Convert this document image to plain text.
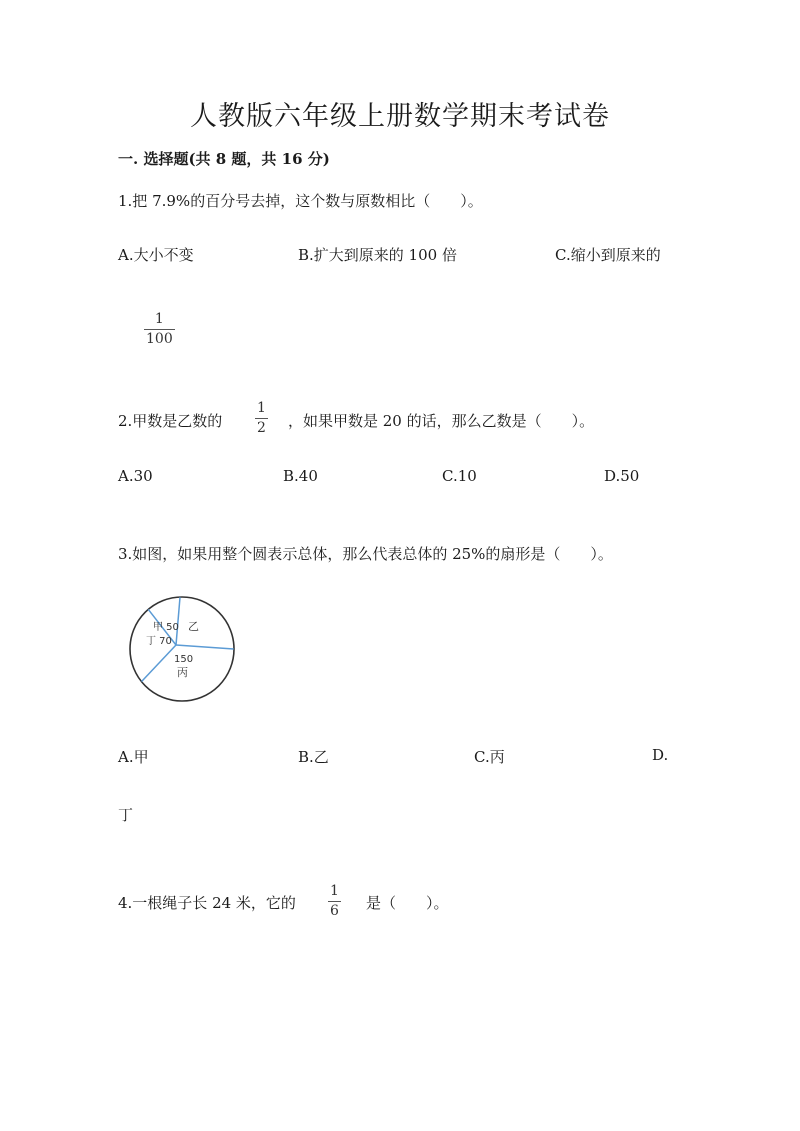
人教版六年级上册数学期末考试卷
一. 选择题(共 8 题，共 16 分)
1.把 7.9%的百分号去掉，这个数与原数相比（　　）。
A.大小不变	B.扩大到原来的 100 倍	C.缩小到原来的
1
100
2.甲数是乙数的
1
2 ，如果甲数是 20 的话，那么乙数是（　　）。
A.30	B.40	C.10	D.50
3.如图，如果用整个圆表示总体，那么代表总体的 25%的扇形是（　　）。
甲 50
丁 70
乙
150
丙
A.甲	B.乙	C.丙	D.
丁
4.一根绳子长 24 米，它的
1
6 是（　　）。
